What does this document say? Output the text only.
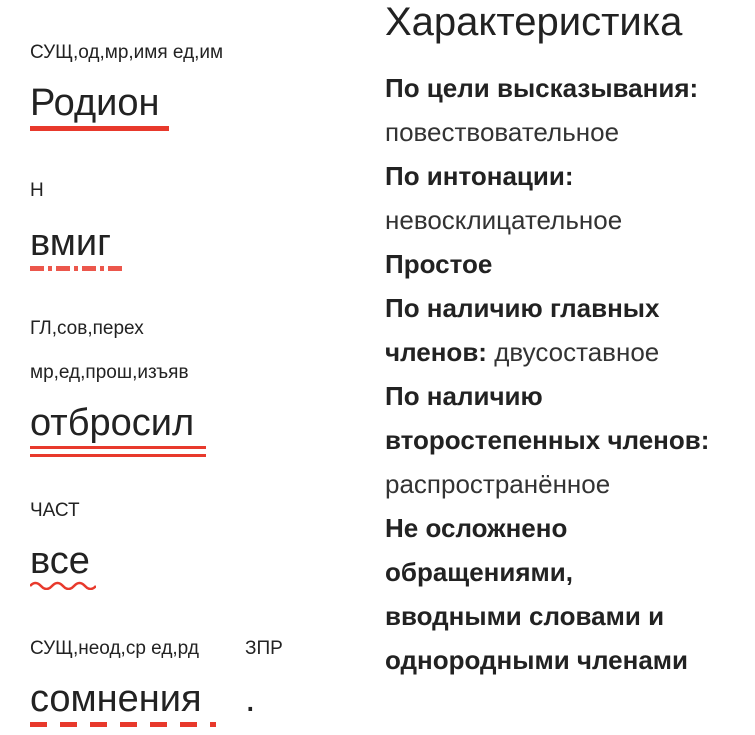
СУЩ,од,мр,имя ед,им
Родион
Н
вмиг
ГЛ,сов,перех
мр,ед,прош,изъяв
отбросил
ЧАСТ
все
СУЩ,неод,ср ед,рд
сомнения
ЗПР
.
Характеристика
По цели высказывания:
повествовательное
По интонации:
невосклицательное
Простое
По наличию главных
членов: двусоставное
По наличию
второстепенных членов:
распространённое
Не осложнено
обращениями,
вводными словами и
однородными членами
